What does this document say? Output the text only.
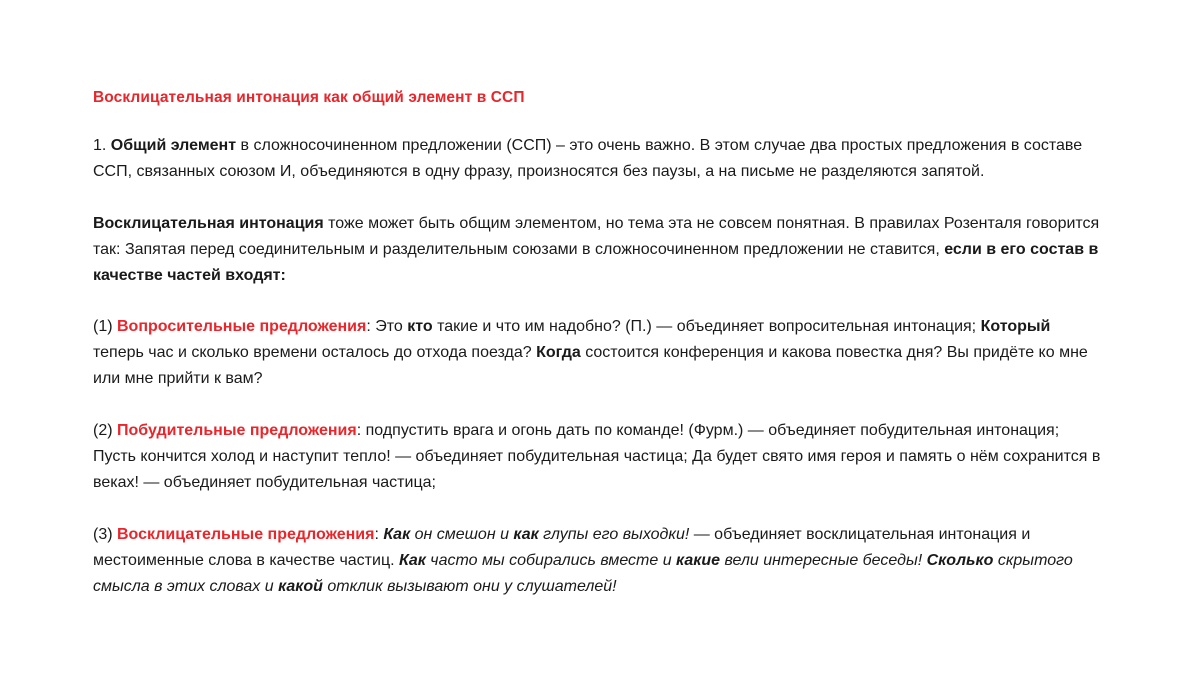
Восклицательная интонация как общий элемент в ССП

1. Общий элемент в сложносочиненном предложении (ССП) – это очень важно. В этом случае два простых предложения в составе ССП, связанных союзом И, объединяются в одну фразу, произносятся без паузы, а на письме не разделяются запятой.

Восклицательная интонация тоже может быть общим элементом, но тема эта не совсем понятная. В правилах Розенталя говорится так: Запятая перед соединительным и разделительным союзами в сложносочиненном предложении не ставится, если в его состав в качестве частей входят:

(1) Вопросительные предложения: Это кто такие и что им надобно? (П.) — объединяет вопросительная интонация; Который теперь час и сколько времени осталось до отхода поезда? Когда состоится конференция и какова повестка дня? Вы придёте ко мне или мне прийти к вам?

(2) Побудительные предложения: подпустить врага и огонь дать по команде! (Фурм.) — объединяет побудительная интонация; Пусть кончится холод и наступит тепло! — объединяет побудительная частица; Да будет свято имя героя и память о нём сохранится в веках! — объединяет побудительная частица;

(3) Восклицательные предложения: Как он смешон и как глупы его выходки! — объединяет восклицательная интонация и местоименные слова в качестве частиц. Как часто мы собирались вместе и какие вели интересные беседы! Сколько скрытого смысла в этих словах и какой отклик вызывают они у слушателей!
